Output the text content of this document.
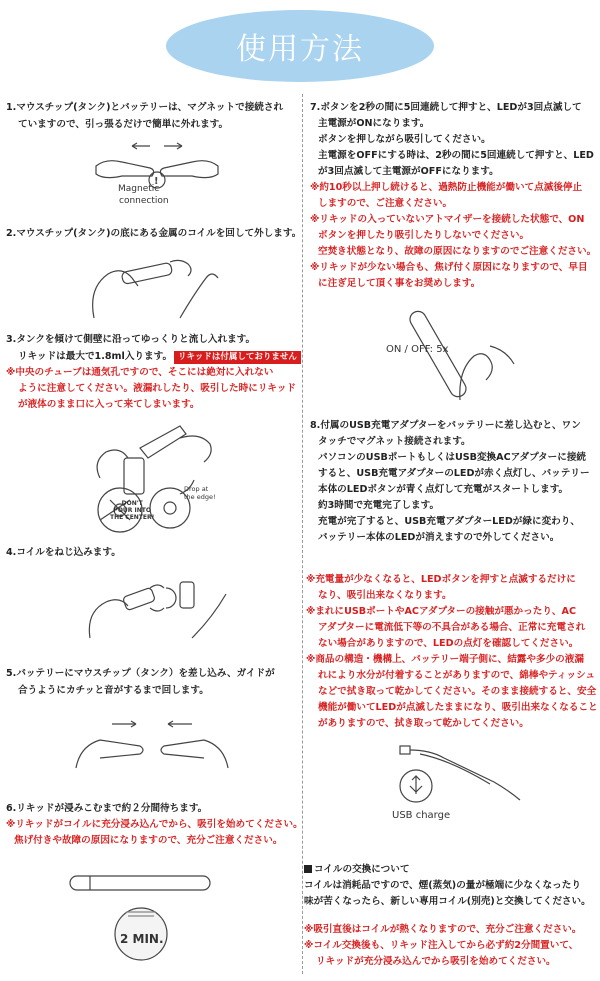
使用方法
1.マウスチップ(タンク)とバッテリーは、マグネットで接続され
ていますので、引っ張るだけで簡単に外れます。
!
Magnetic
connection
2.マウスチップ(タンク)の底にある金属のコイルを回して外します。
3.タンクを傾けて側壁に沿ってゆっくりと流し入れます。
リキッドは最大で1.8ml入ります。 リキッドは付属しておりません
※中央のチューブは通気孔ですので、そこには絶対に入れない
ように注意してください。液漏れしたり、吸引した時にリキッド
が液体のまま口に入って来てしまいます。
Drop at
the edge!
DON'T
POUR INTO
THE CENTER!
4.コイルをねじ込みます。
5.バッテリーにマウスチップ（タンク）を差し込み、ガイドが
合うようにカチッと音がするまで回します。
6.リキッドが浸みこむまで約２分間待ちます。
※リキッドがコイルに充分浸み込んでから、吸引を始めてください。
焦げ付きや故障の原因になりますので、充分ご注意ください。
2 MIN.
7.ボタンを2秒の間に5回連続して押すと、LEDが3回点滅して
主電源がONになります。
ボタンを押しながら吸引してください。
主電源をOFFにする時は、2秒の間に5回連続して押すと、LED
が3回点滅して主電源がOFFになります。
※約10秒以上押し続けると、過熱防止機能が働いて点滅後停止
しますので、ご注意ください。
※リキッドの入っていないアトマイザーを接続した状態で、ON
ボタンを押したり吸引したりしないでください。
空焚き状態となり、故障の原因になりますのでご注意ください。
※リキッドが少ない場合も、焦げ付く原因になりますので、早目
に注ぎ足して頂く事をお奨めします。
ON / OFF: 5x
8.付属のUSB充電アダプターをバッテリーに差し込むと、ワン
タッチでマグネット接続されます。
パソコンのUSBポートもしくはUSB変換ACアダプターに接続
すると、USB充電アダプターのLEDが赤く点灯し、バッテリー
本体のLEDボタンが青く点灯して充電がスタートします。
約3時間で充電完了します。
充電が完了すると、USB充電アダプターLEDが緑に変わり、
バッテリー本体のLEDが消えますので外してください。
※充電量が少なくなると、LEDボタンを押すと点滅するだけに
なり、吸引出来なくなります。
※まれにUSBポートやACアダプターの接触が悪かったり、AC
アダプターに電流低下等の不具合がある場合、正常に充電され
ない場合がありますので、LEDの点灯を確認してください。
※商品の構造・機構上、バッテリー端子側に、結露や多少の液漏
れにより水分が付着することがありますので、綿棒やティッシュ
などで拭き取って乾かしてください。そのまま接続すると、安全
機能が働いてLEDが点滅したままになり、吸引出来なくなること
がありますので、拭き取って乾かしてください。
USB charge
コイルの交換について
コイルは消耗品ですので、煙(蒸気)の量が極端に少なくなったり
味が苦くなったら、新しい専用コイル(別売)と交換してください。
※吸引直後はコイルが熱くなりますので、充分ご注意ください。
※コイル交換後も、リキッド注入してから必ず約2分間置いて、
リキッドが充分浸み込んでから吸引を始めてください。
